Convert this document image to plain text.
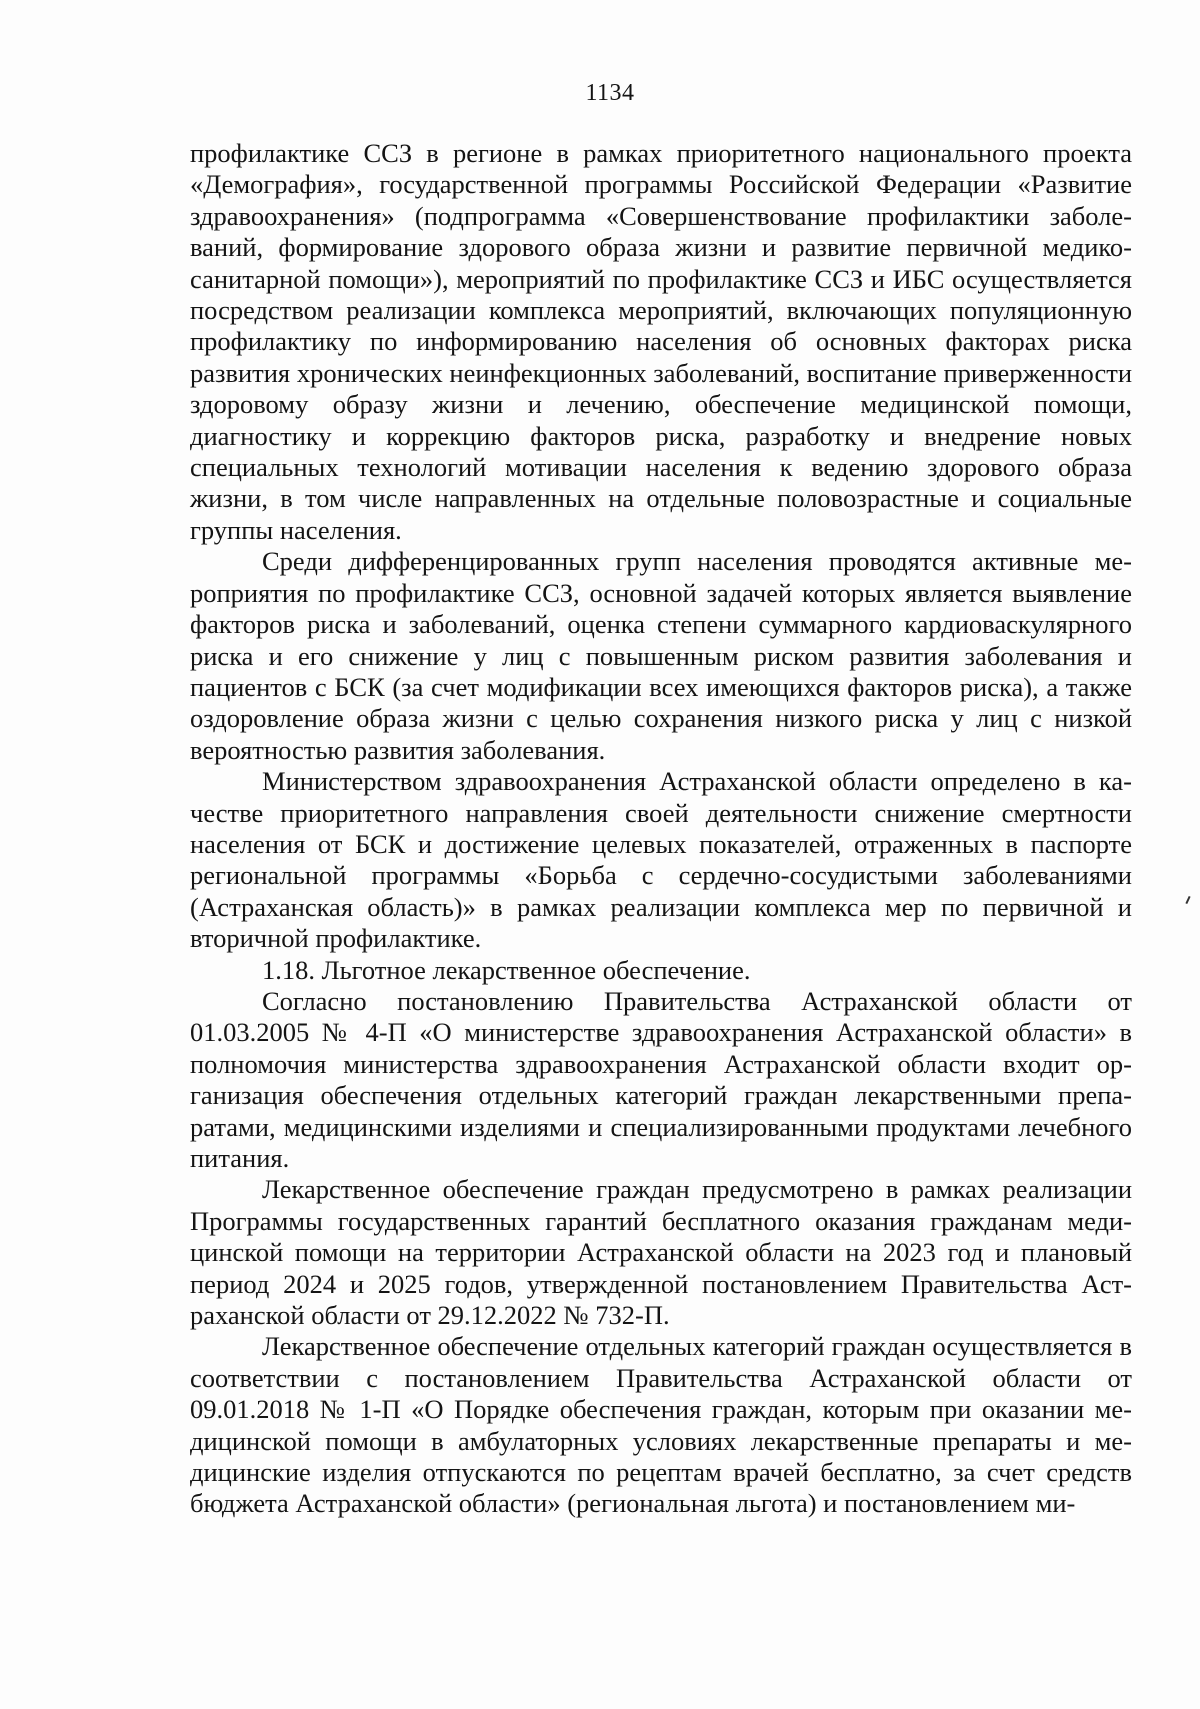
1134

профилактике ССЗ в регионе в рамках приоритетного национального проекта «Демография», государственной программы Российской Федерации «Развитие здравоохранения» (подпрограмма «Совершенствование профилактики заболеваний, формирование здорового образа жизни и развитие первичной медико-санитарной помощи»), мероприятий по профилактике ССЗ и ИБС осуществляется посредством реализации комплекса мероприятий, включающих популяционную профилактику по информированию населения об основных факторах риска развития хронических неинфекционных заболеваний, воспитание приверженности здоровому образу жизни и лечению, обеспечение медицинской помощи, диагностику и коррекцию факторов риска, разработку и внедрение новых специальных технологий мотивации населения к ведению здорового образа жизни, в том числе направленных на отдельные половозрастные и социальные группы населения.

Среди дифференцированных групп населения проводятся активные мероприятия по профилактике ССЗ, основной задачей которых является выявление факторов риска и заболеваний, оценка степени суммарного кардиоваскулярного риска и его снижение у лиц с повышенным риском развития заболевания и пациентов с БСК (за счет модификации всех имеющихся факторов риска), а также оздоровление образа жизни с целью сохранения низкого риска у лиц с низкой вероятностью развития заболевания.

Министерством здравоохранения Астраханской области определено в качестве приоритетного направления своей деятельности снижение смертности населения от БСК и достижение целевых показателей, отраженных в паспорте региональной программы «Борьба с сердечно-сосудистыми заболеваниями (Астраханская область)» в рамках реализации комплекса мер по первичной и вторичной профилактике.

1.18. Льготное лекарственное обеспечение.

Согласно постановлению Правительства Астраханской области от 01.03.2005 № 4-П «О министерстве здравоохранения Астраханской области» в полномочия министерства здравоохранения Астраханской области входит организация обеспечения отдельных категорий граждан лекарственными препаратами, медицинскими изделиями и специализированными продуктами лечебного питания.

Лекарственное обеспечение граждан предусмотрено в рамках реализации Программы государственных гарантий бесплатного оказания гражданам медицинской помощи на территории Астраханской области на 2023 год и плановый период 2024 и 2025 годов, утвержденной постановлением Правительства Астраханской области от 29.12.2022 № 732-П.

Лекарственное обеспечение отдельных категорий граждан осуществляется в соответствии с постановлением Правительства Астраханской области от 09.01.2018 № 1-П «О Порядке обеспечения граждан, которым при оказании медицинской помощи в амбулаторных условиях лекарственные препараты и медицинские изделия отпускаются по рецептам врачей бесплатно, за счет средств бюджета Астраханской области» (региональная льгота) и постановлением ми-
